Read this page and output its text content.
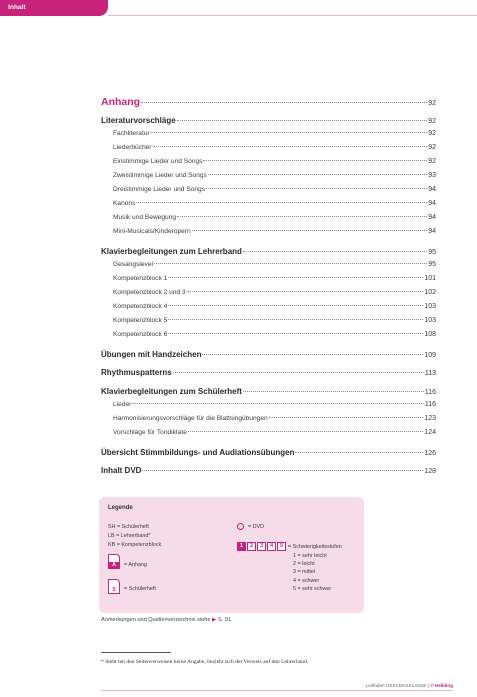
Inhalt
Anhang	92
Literaturvorschläge	92
Fachliteratur	92
Liederbücher	92
Einstimmige Lieder und Songs	92
Zweistimmige Lieder und Songs	93
Dreistimmige Lieder und Songs	94
Kanons	94
Musik und Bewegung	94
Mini-Musicals/Kinderopern	94
Klavierbegleitungen zum Lehrerband	95
Gesangslevel	95
Kompetenzblock 1	101
Kompetenzblock 2 und 3	102
Kompetenzblock 4	103
Kompetenzblock 5	103
Kompetenzblock 6	108
Übungen mit Handzeichen	109
Rhythmuspatterns	113
Klavierbegleitungen zum Schülerheft	116
Lieder	116
Harmonisierungsvorschläge für die Blattsingübungen	123
Vorschläge für Tondiktate	124
Übersicht Stimmbildungs- und Audiationsübungen	126
Inhalt DVD	128
Legende
SH = Schülerheft
LB = Lehrerband*
KB = Kompetenzblock
A	= Anhang
S	= Schülerheft
= DVD
1	2	3	4	5 = Schwierigkeitsstufen
1 = sehr leicht
2 = leicht
3 = mittel
4 = schwer
5 = sehr schwer
Anmerkungen und Quellenverzeichnis siehe ▶ S. 91.
* Steht bei den Seitenverweisen keine Angabe, bezieht sich der Verweis auf den Lehrerband.
Leitfaden GESANGSKLASSE | © Helbling
